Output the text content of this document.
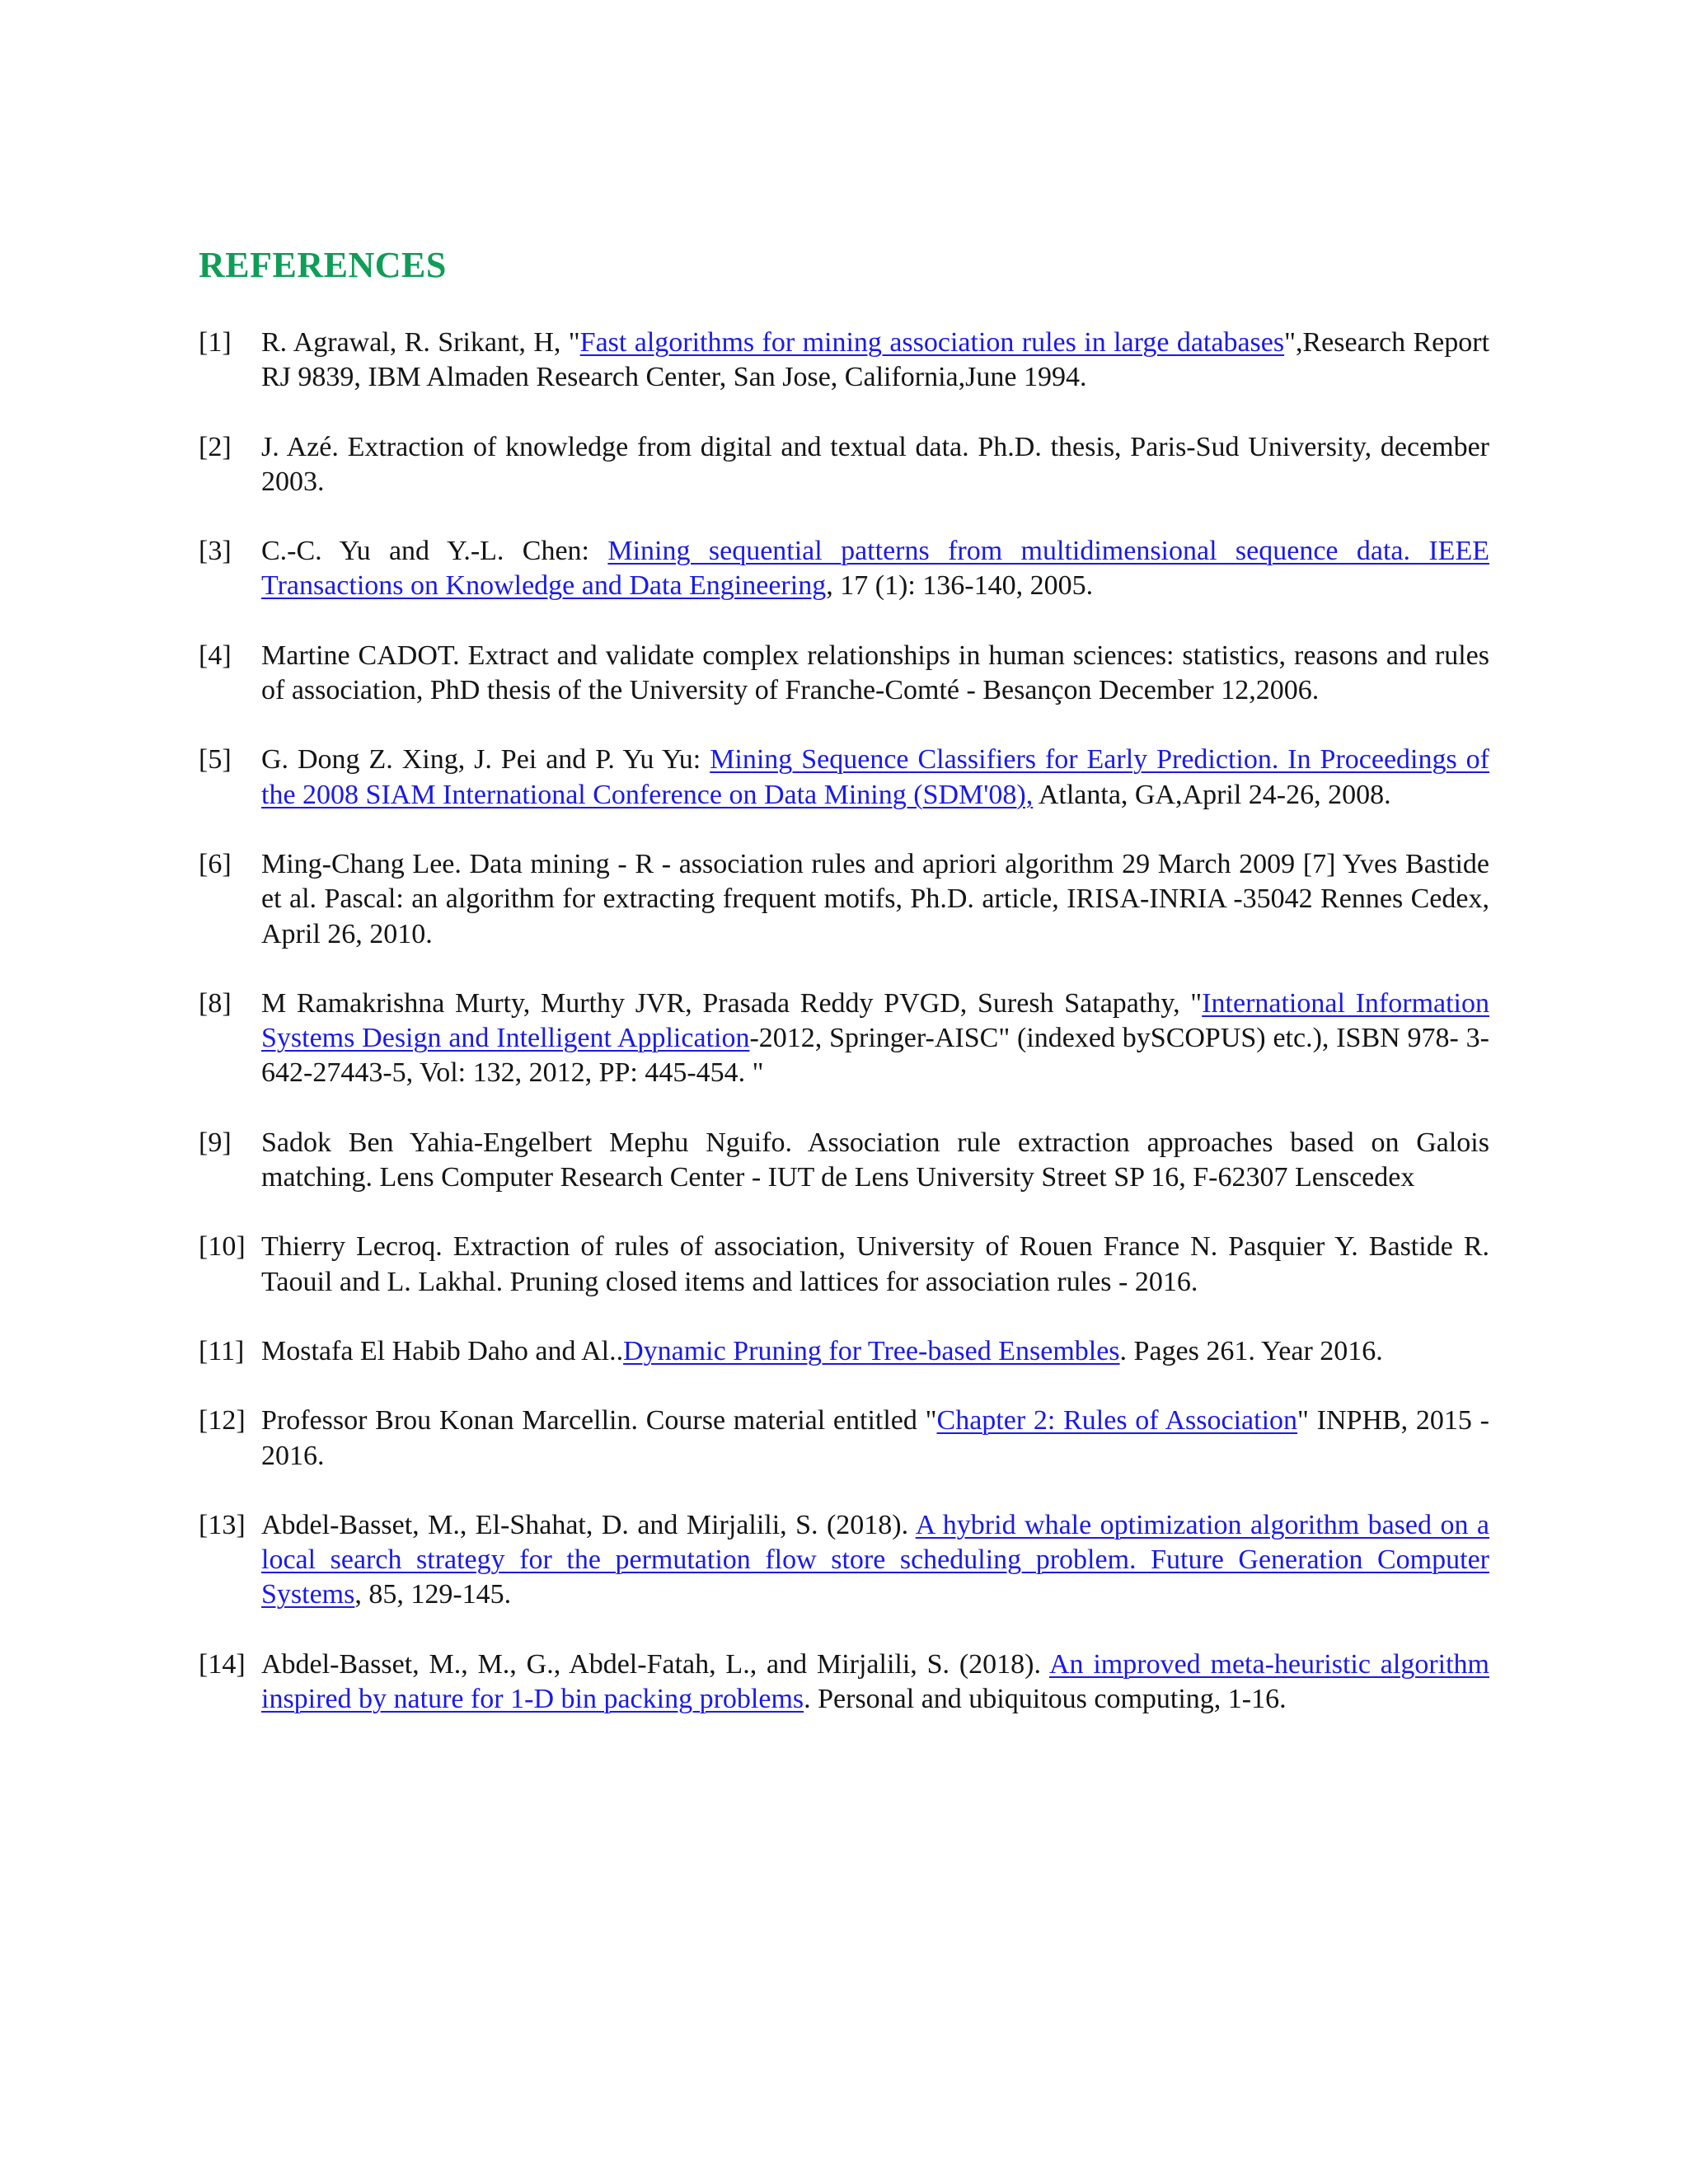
REFERENCES
[1] R. Agrawal, R. Srikant, H, "Fast algorithms for mining association rules in large databases",Research Report RJ 9839, IBM Almaden Research Center, San Jose, California,June 1994.
[2] J. Azé. Extraction of knowledge from digital and textual data. Ph.D. thesis, Paris-Sud University, december 2003.
[3] C.-C. Yu and Y.-L. Chen: Mining sequential patterns from multidimensional sequence data. IEEE Transactions on Knowledge and Data Engineering, 17 (1): 136-140, 2005.
[4] Martine CADOT. Extract and validate complex relationships in human sciences: statistics, reasons and rules of association, PhD thesis of the University of Franche-Comté - Besançon December 12,2006.
[5] G. Dong Z. Xing, J. Pei and P. Yu Yu: Mining Sequence Classifiers for Early Prediction. In Proceedings of the 2008 SIAM International Conference on Data Mining (SDM'08), Atlanta, GA,April 24-26, 2008.
[6] Ming-Chang Lee. Data mining - R - association rules and apriori algorithm 29 March 2009 [7] Yves Bastide et al. Pascal: an algorithm for extracting frequent motifs, Ph.D. article, IRISA-INRIA -35042 Rennes Cedex, April 26, 2010.
[8] M Ramakrishna Murty, Murthy JVR, Prasada Reddy PVGD, Suresh Satapathy, "International Information Systems Design and Intelligent Application-2012, Springer-AISC" (indexed bySCOPUS) etc.), ISBN 978- 3-642-27443-5, Vol: 132, 2012, PP: 445-454. "
[9] Sadok Ben Yahia-Engelbert Mephu Nguifo. Association rule extraction approaches based on Galois matching. Lens Computer Research Center - IUT de Lens University Street SP 16, F-62307 Lenscedex
[10] Thierry Lecroq. Extraction of rules of association, University of Rouen France N. Pasquier Y. Bastide R. Taouil and L. Lakhal. Pruning closed items and lattices for association rules - 2016.
[11] Mostafa El Habib Daho and Al..Dynamic Pruning for Tree-based Ensembles. Pages 261. Year 2016.
[12] Professor Brou Konan Marcellin. Course material entitled "Chapter 2: Rules of Association" INPHB, 2015 - 2016.
[13] Abdel-Basset, M., El-Shahat, D. and Mirjalili, S. (2018). A hybrid whale optimization algorithm based on a local search strategy for the permutation flow store scheduling problem. Future Generation Computer Systems, 85, 129-145.
[14] Abdel-Basset, M., M., G., Abdel-Fatah, L., and Mirjalili, S. (2018). An improved meta-heuristic algorithm inspired by nature for 1-D bin packing problems. Personal and ubiquitous computing, 1-16.
